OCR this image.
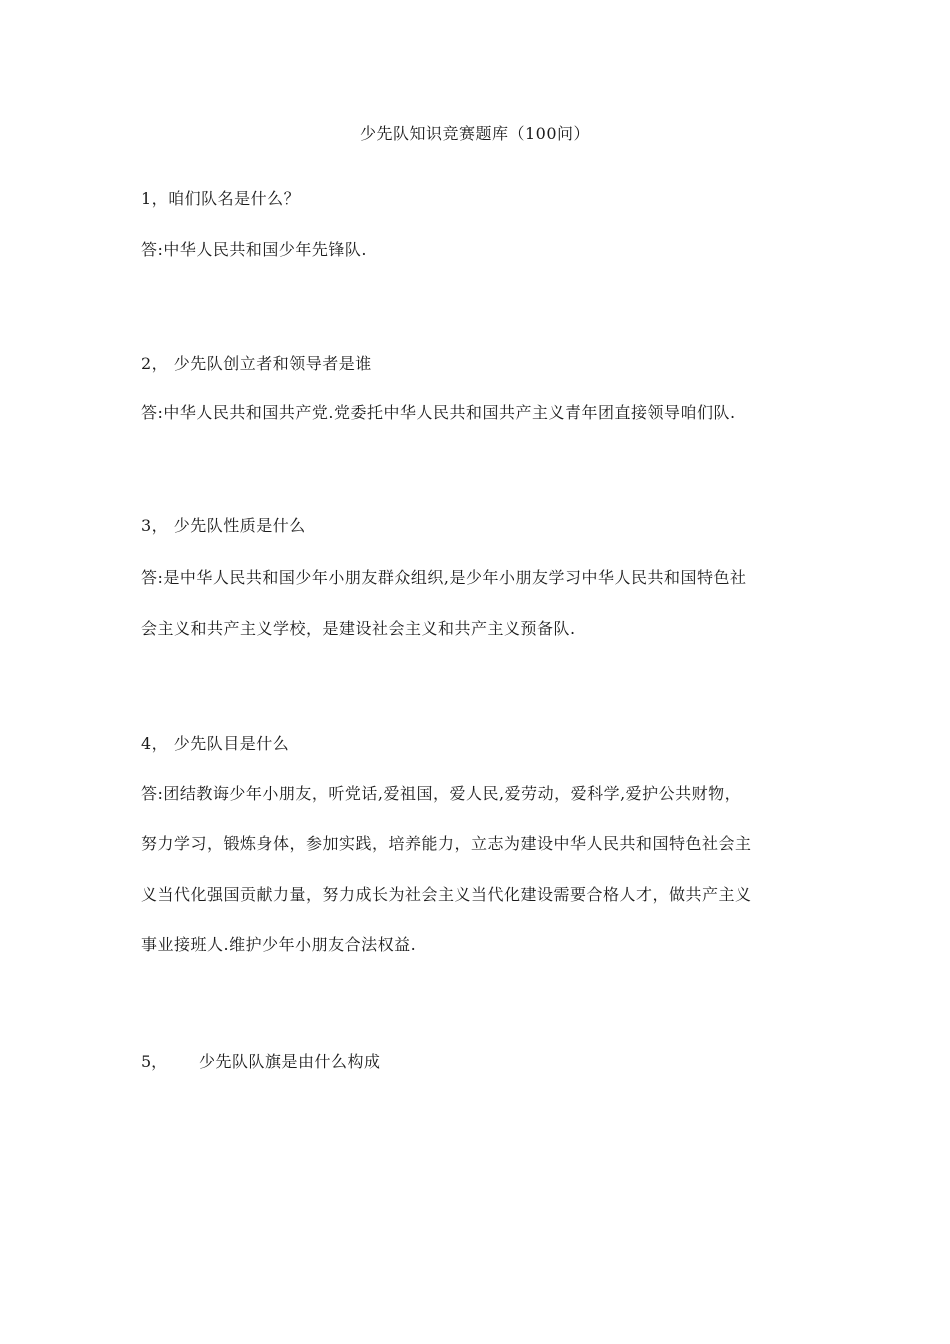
少先队知识竞赛题库（100问）
1，咱们队名是什么？
答:中华人民共和国少年先锋队.
2， 少先队创立者和领导者是谁
答:中华人民共和国共产党.党委托中华人民共和国共产主义青年团直接领导咱们队.
3， 少先队性质是什么
答:是中华人民共和国少年小朋友群众组织,是少年小朋友学习中华人民共和国特色社
会主义和共产主义学校，是建设社会主义和共产主义预备队.
4， 少先队目是什么
答:团结教诲少年小朋友，听党话,爱祖国，爱人民,爱劳动，爱科学,爱护公共财物，
努力学习，锻炼身体，参加实践，培养能力，立志为建设中华人民共和国特色社会主
义当代化强国贡献力量，努力成长为社会主义当代化建设需要合格人才，做共产主义
事业接班人.维护少年小朋友合法权益.
5， 少先队队旗是由什么构成
